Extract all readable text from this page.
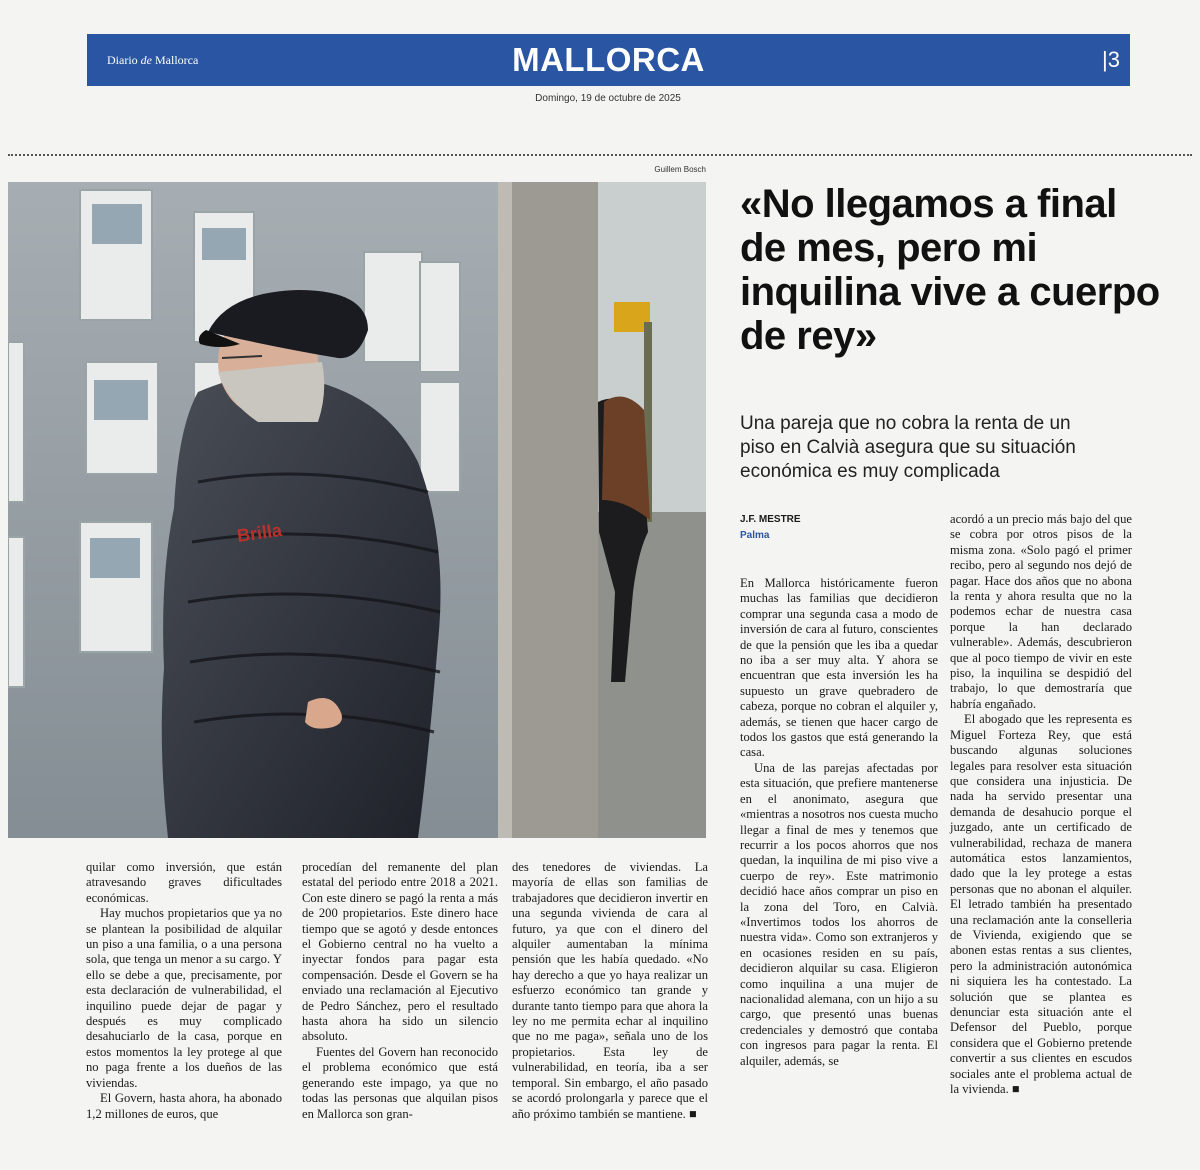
Diario de Mallorca	MALLORCA	|3
Domingo, 19 de octubre de 2025
Guillem Bosch
Brilla
«No llegamos a final de mes, pero mi inquilina vive a cuerpo de rey»
Una pareja que no cobra la renta de un piso en Calvià asegura que su situación económica es muy complicada
J.F. MESTRE
Palma

En Mallorca históricamente fueron muchas las familias que decidieron comprar una segunda casa a modo de inversión de cara al futuro, conscientes de que la pensión que les iba a quedar no iba a ser muy alta. Y ahora se encuentran que esta inversión les ha supuesto un grave quebradero de cabeza, porque no cobran el alquiler y, además, se tienen que hacer cargo de todos los gastos que está generando la casa.

Una de las parejas afectadas por esta situación, que prefiere mantenerse en el anonimato, asegura que «mientras a nosotros nos cuesta mucho llegar a final de mes y tenemos que recurrir a los pocos ahorros que nos quedan, la inquilina de mi piso vive a cuerpo de rey». Este matrimonio decidió hace años comprar un piso en la zona del Toro, en Calvià. «Invertimos todos los ahorros de nuestra vida». Como son extranjeros y en ocasiones residen en su país, decidieron alquilar su casa. Eligieron como inquilina a una mujer de nacionalidad alemana, con un hijo a su cargo, que presentó unas buenas credenciales y demostró que contaba con ingresos para pagar la renta. El alquiler, además, se

acordó a un precio más bajo del que se cobra por otros pisos de la misma zona. «Solo pagó el primer recibo, pero al segundo nos dejó de pagar. Hace dos años que no abona la renta y ahora resulta que no la podemos echar de nuestra casa porque la han declarado vulnerable». Además, descubrieron que al poco tiempo de vivir en este piso, la inquilina se despidió del trabajo, lo que demostraría que habría engañado.

El abogado que les representa es Miguel Forteza Rey, que está buscando algunas soluciones legales para resolver esta situación que considera una injusticia. De nada ha servido presentar una demanda de desahucio porque el juzgado, ante un certificado de vulnerabilidad, rechaza de manera automática estos lanzamientos, dado que la ley protege a estas personas que no abonan el alquiler. El letrado también ha presentado una reclamación ante la conselleria de Vivienda, exigiendo que se abonen estas rentas a sus clientes, pero la administración autonómica ni siquiera les ha contestado. La solución que se plantea es denunciar esta situación ante el Defensor del Pueblo, porque considera que el Gobierno pretende convertir a sus clientes en escudos sociales ante el problema actual de la vivienda. ■

quilar como inversión, que están atravesando graves dificultades económicas.

Hay muchos propietarios que ya no se plantean la posibilidad de alquilar un piso a una familia, o a una persona sola, que tenga un menor a su cargo. Y ello se debe a que, precisamente, por esta declaración de vulnerabilidad, el inquilino puede dejar de pagar y después es muy complicado desahuciarlo de la casa, porque en estos momentos la ley protege al que no paga frente a los dueños de las viviendas.

El Govern, hasta ahora, ha abonado 1,2 millones de euros, que

procedían del remanente del plan estatal del periodo entre 2018 a 2021. Con este dinero se pagó la renta a más de 200 propietarios. Este dinero hace tiempo que se agotó y desde entonces el Gobierno central no ha vuelto a inyectar fondos para pagar esta compensación. Desde el Govern se ha enviado una reclamación al Ejecutivo de Pedro Sánchez, pero el resultado hasta ahora ha sido un silencio absoluto.

Fuentes del Govern han reconocido el problema económico que está generando este impago, ya que no todas las personas que alquilan pisos en Mallorca son gran-

des tenedores de viviendas. La mayoría de ellas son familias de trabajadores que decidieron invertir en una segunda vivienda de cara al futuro, ya que con el dinero del alquiler aumentaban la mínima pensión que les había quedado. «No hay derecho a que yo haya realizar un esfuerzo económico tan grande y durante tanto tiempo para que ahora la ley no me permita echar al inquilino que no me paga», señala uno de los propietarios. Esta ley de vulnerabilidad, en teoría, iba a ser temporal. Sin embargo, el año pasado se acordó prolongarla y parece que el año próximo también se mantiene. ■
